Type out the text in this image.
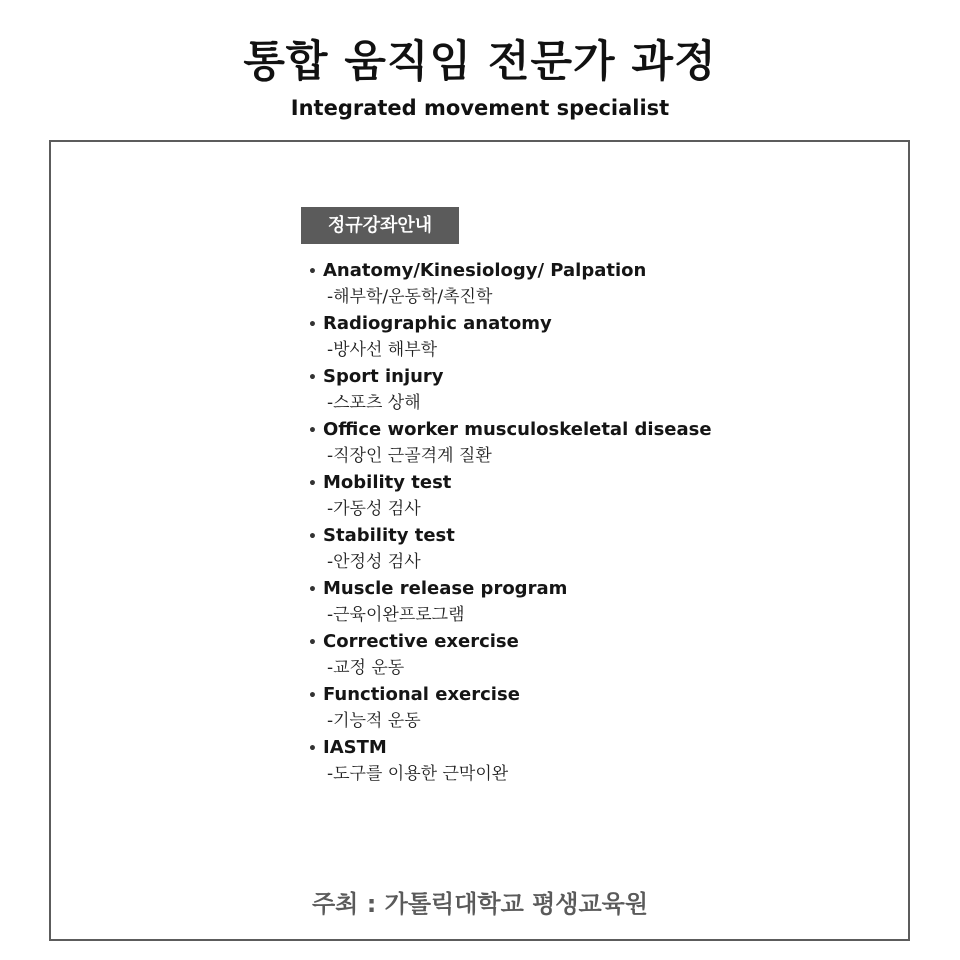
통합 움직임 전문가 과정

Integrated movement specialist

정규강좌안내
• Anatomy/Kinesiology/ Palpation
-해부학/운동학/촉진학
• Radiographic anatomy
-방사선 해부학
• Sport injury
-스포츠 상해
• Office worker musculoskeletal disease
-직장인 근골격계 질환
• Mobility test
-가동성 검사
• Stability test
-안정성 검사
• Muscle release program
-근육이완프로그램
• Corrective exercise
-교정 운동
• Functional exercise
-기능적 운동
• IASTM
-도구를 이용한 근막이완

주최 : 가톨릭대학교 평생교육원
